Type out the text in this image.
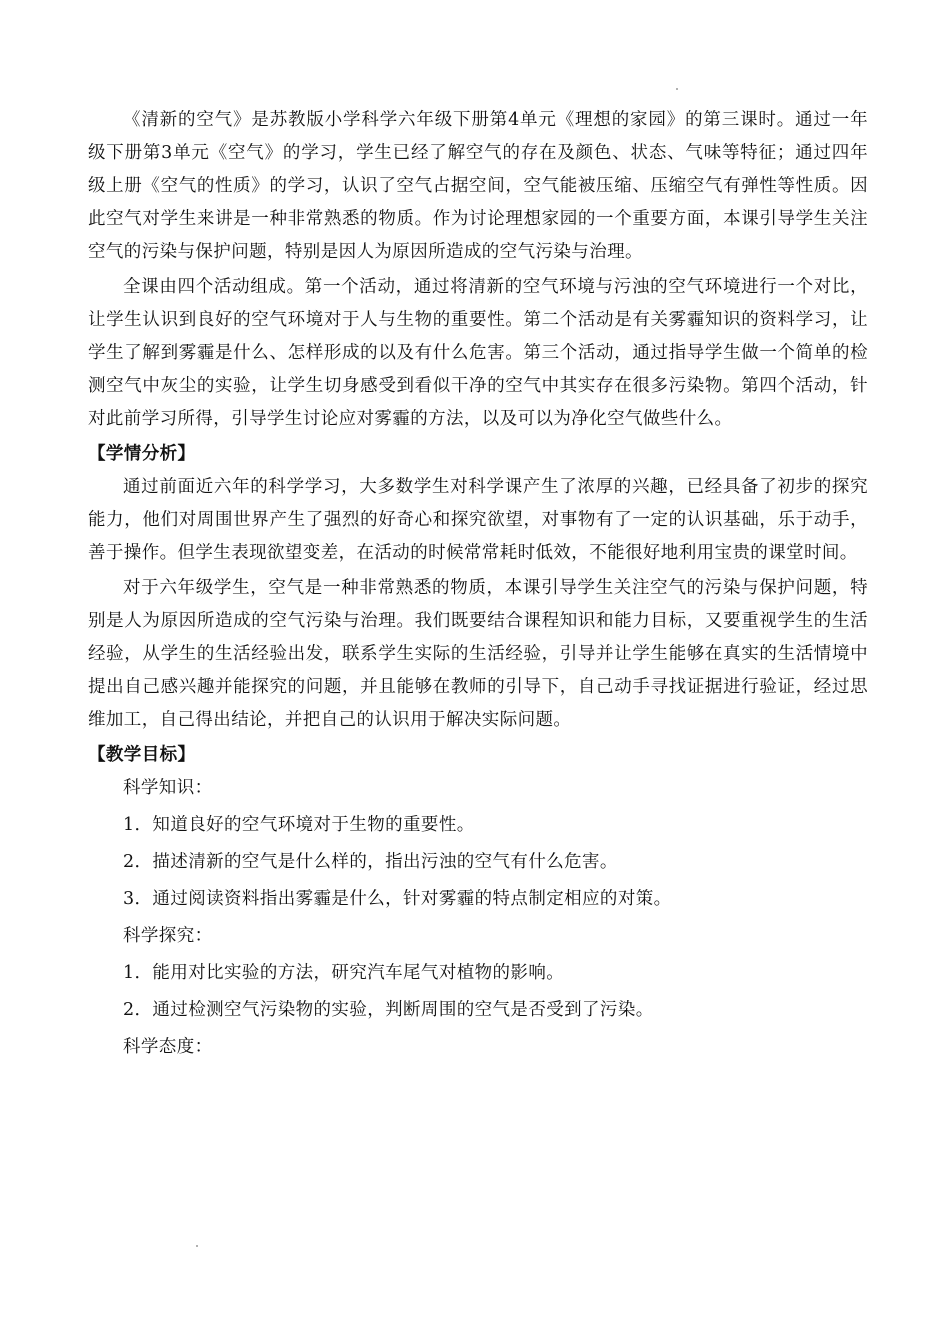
《清新的空气》是苏教版小学科学六年级下册第4单元《理想的家园》的第三课时。通过一年级下册第3单元《空气》的学习，学生已经了解空气的存在及颜色、状态、气味等特征；通过四年级上册《空气的性质》的学习，认识了空气占据空间，空气能被压缩、压缩空气有弹性等性质。因此空气对学生来讲是一种非常熟悉的物质。作为讨论理想家园的一个重要方面，本课引导学生关注空气的污染与保护问题，特别是因人为原因所造成的空气污染与治理。

全课由四个活动组成。第一个活动，通过将清新的空气环境与污浊的空气环境进行一个对比，让学生认识到良好的空气环境对于人与生物的重要性。第二个活动是有关雾霾知识的资料学习，让学生了解到雾霾是什么、怎样形成的以及有什么危害。第三个活动，通过指导学生做一个简单的检测空气中灰尘的实验，让学生切身感受到看似干净的空气中其实存在很多污染物。第四个活动，针对此前学习所得，引导学生讨论应对雾霾的方法，以及可以为净化空气做些什么。

【学情分析】

通过前面近六年的科学学习，大多数学生对科学课产生了浓厚的兴趣，已经具备了初步的探究能力，他们对周围世界产生了强烈的好奇心和探究欲望，对事物有了一定的认识基础，乐于动手，善于操作。但学生表现欲望变差，在活动的时候常常耗时低效，不能很好地利用宝贵的课堂时间。

对于六年级学生，空气是一种非常熟悉的物质，本课引导学生关注空气的污染与保护问题，特别是人为原因所造成的空气污染与治理。我们既要结合课程知识和能力目标，又要重视学生的生活经验，从学生的生活经验出发，联系学生实际的生活经验，引导并让学生能够在真实的生活情境中提出自己感兴趣并能探究的问题，并且能够在教师的引导下，自己动手寻找证据进行验证，经过思维加工，自己得出结论，并把自己的认识用于解决实际问题。

【教学目标】

科学知识：

1．知道良好的空气环境对于生物的重要性。

2．描述清新的空气是什么样的，指出污浊的空气有什么危害。

3．通过阅读资料指出雾霾是什么，针对雾霾的特点制定相应的对策。

科学探究：

1．能用对比实验的方法，研究汽车尾气对植物的影响。

2．通过检测空气污染物的实验，判断周围的空气是否受到了污染。

科学态度：
